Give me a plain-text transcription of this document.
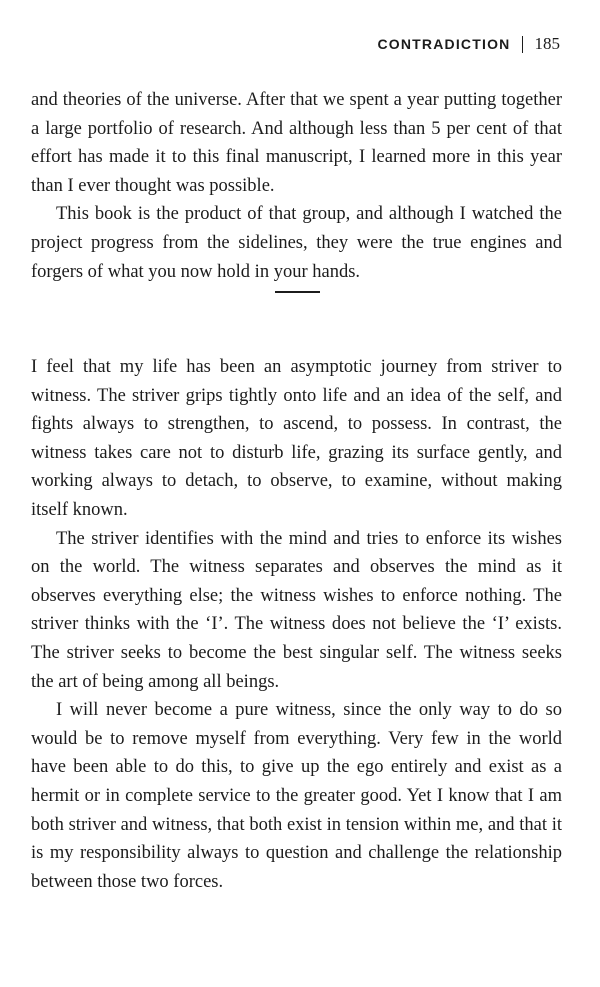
CONTRADICTION 185

and theories of the universe. After that we spent a year putting together a large portfolio of research. And although less than 5 per cent of that effort has made it to this final manuscript, I learned more in this year than I ever thought was possible.

This book is the product of that group, and although I watched the project progress from the sidelines, they were the true engines and forgers of what you now hold in your hands.

I feel that my life has been an asymptotic journey from striver to witness. The striver grips tightly onto life and an idea of the self, and fights always to strengthen, to ascend, to possess. In contrast, the witness takes care not to disturb life, grazing its surface gently, and working always to detach, to observe, to examine, without making itself known.

The striver identifies with the mind and tries to enforce its wishes on the world. The witness separates and observes the mind as it observes everything else; the witness wishes to enforce nothing. The striver thinks with the ‘I’. The witness does not believe the ‘I’ exists. The striver seeks to become the best singular self. The witness seeks the art of being among all beings.

I will never become a pure witness, since the only way to do so would be to remove myself from everything. Very few in the world have been able to do this, to give up the ego entirely and exist as a hermit or in complete service to the greater good. Yet I know that I am both striver and witness, that both exist in tension within me, and that it is my responsibility always to question and challenge the relationship between those two forces.
